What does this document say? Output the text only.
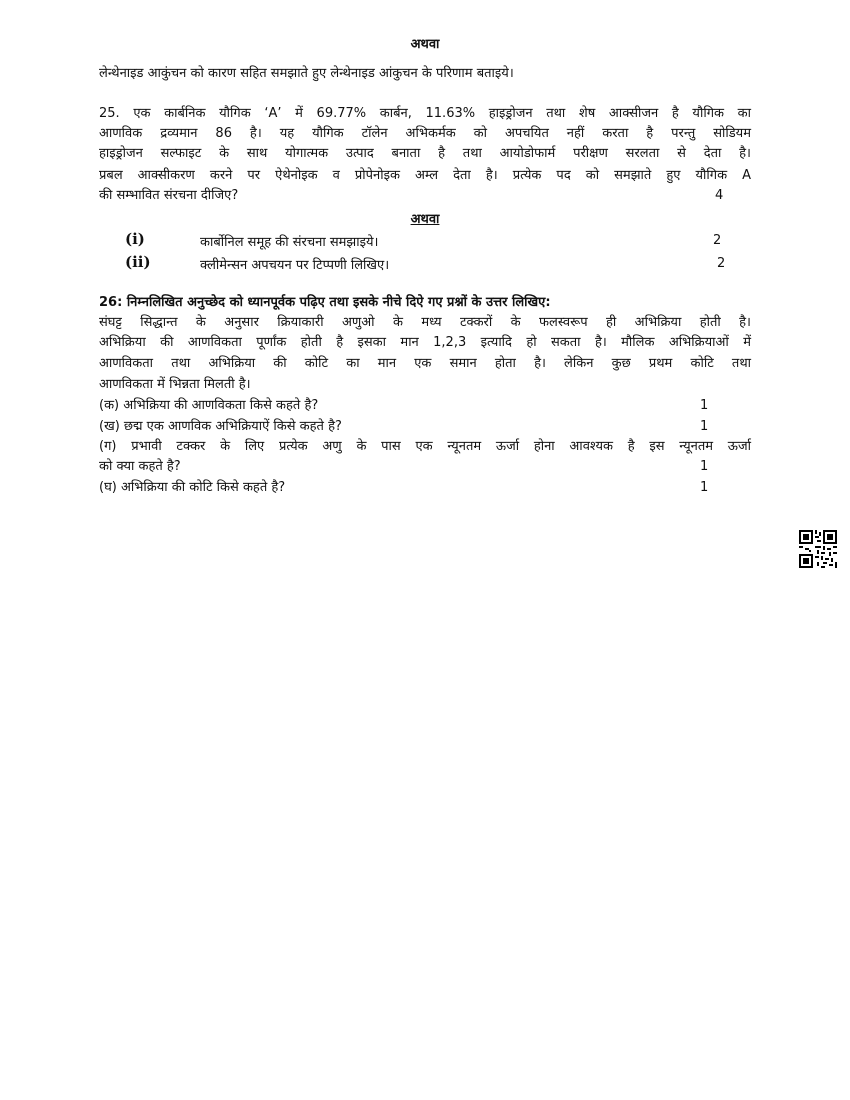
अथवा
लेन्थेनाइड आकुंचन को कारण सहित समझाते हुए लेन्थेनाइड आंकुचन के परिणाम बताइये।
25. एक कार्बनिक यौगिक ‘A’ में 69.77% कार्बन, 11.63% हाइड्रोजन तथा शेष आक्सीजन है यौगिक का
आणविक द्रव्यमान 86 है। यह यौगिक टॉलेन अभिकर्मक को अपचयित नहीं करता है परन्तु सोडियम
हाइड्रोजन सल्फाइट के साथ योगात्मक उत्पाद बनाता है तथा आयोडोफार्म परीक्षण सरलता से देता है।
प्रबल आक्सीकरण करने पर ऐथेनोइक व प्रोपेनोइक अम्ल देता है। प्रत्येक पद को समझाते हुए यौगिक A
की सम्भावित संरचना दीजिए?	4
अथवा
(i)	कार्बोनिल समूह की संरचना समझाइये।	2
(ii)	क्लीमेन्सन अपचयन पर टिप्पणी लिखिए।	2
26: निम्नलिखित अनुच्छेद को ध्यानपूर्वक पढ़िए तथा इसके नीचे दिऐ गए प्रश्नों के उत्तर लिखिए:
संघट्ट सिद्धान्त के अनुसार क्रियाकारी अणुओ के मध्य टक्करों के फलस्वरूप ही अभिक्रिया होती है।
अभिक्रिया की आणविकता पूर्णांक होती है इसका मान 1,2,3 इत्यादि हो सकता है। मौलिक अभिक्रियाओं में
आणविकता तथा अभिक्रिया की कोटि का मान एक समान होता है। लेकिन कुछ प्रथम कोटि तथा
आणविकता में भिन्नता मिलती है।
(क) अभिक्रिया की आणविकता किसे कहते है?	1
(ख) छद्म एक आणविक अभिक्रियाऐं किसे कहते है?	1
(ग) प्रभावी टक्कर के लिए प्रत्येक अणु के पास एक न्यूनतम ऊर्जा होना आवश्यक है इस न्यूनतम ऊर्जा
को क्या कहते है?	1
(घ) अभिक्रिया की कोटि किसे कहते है?	1
